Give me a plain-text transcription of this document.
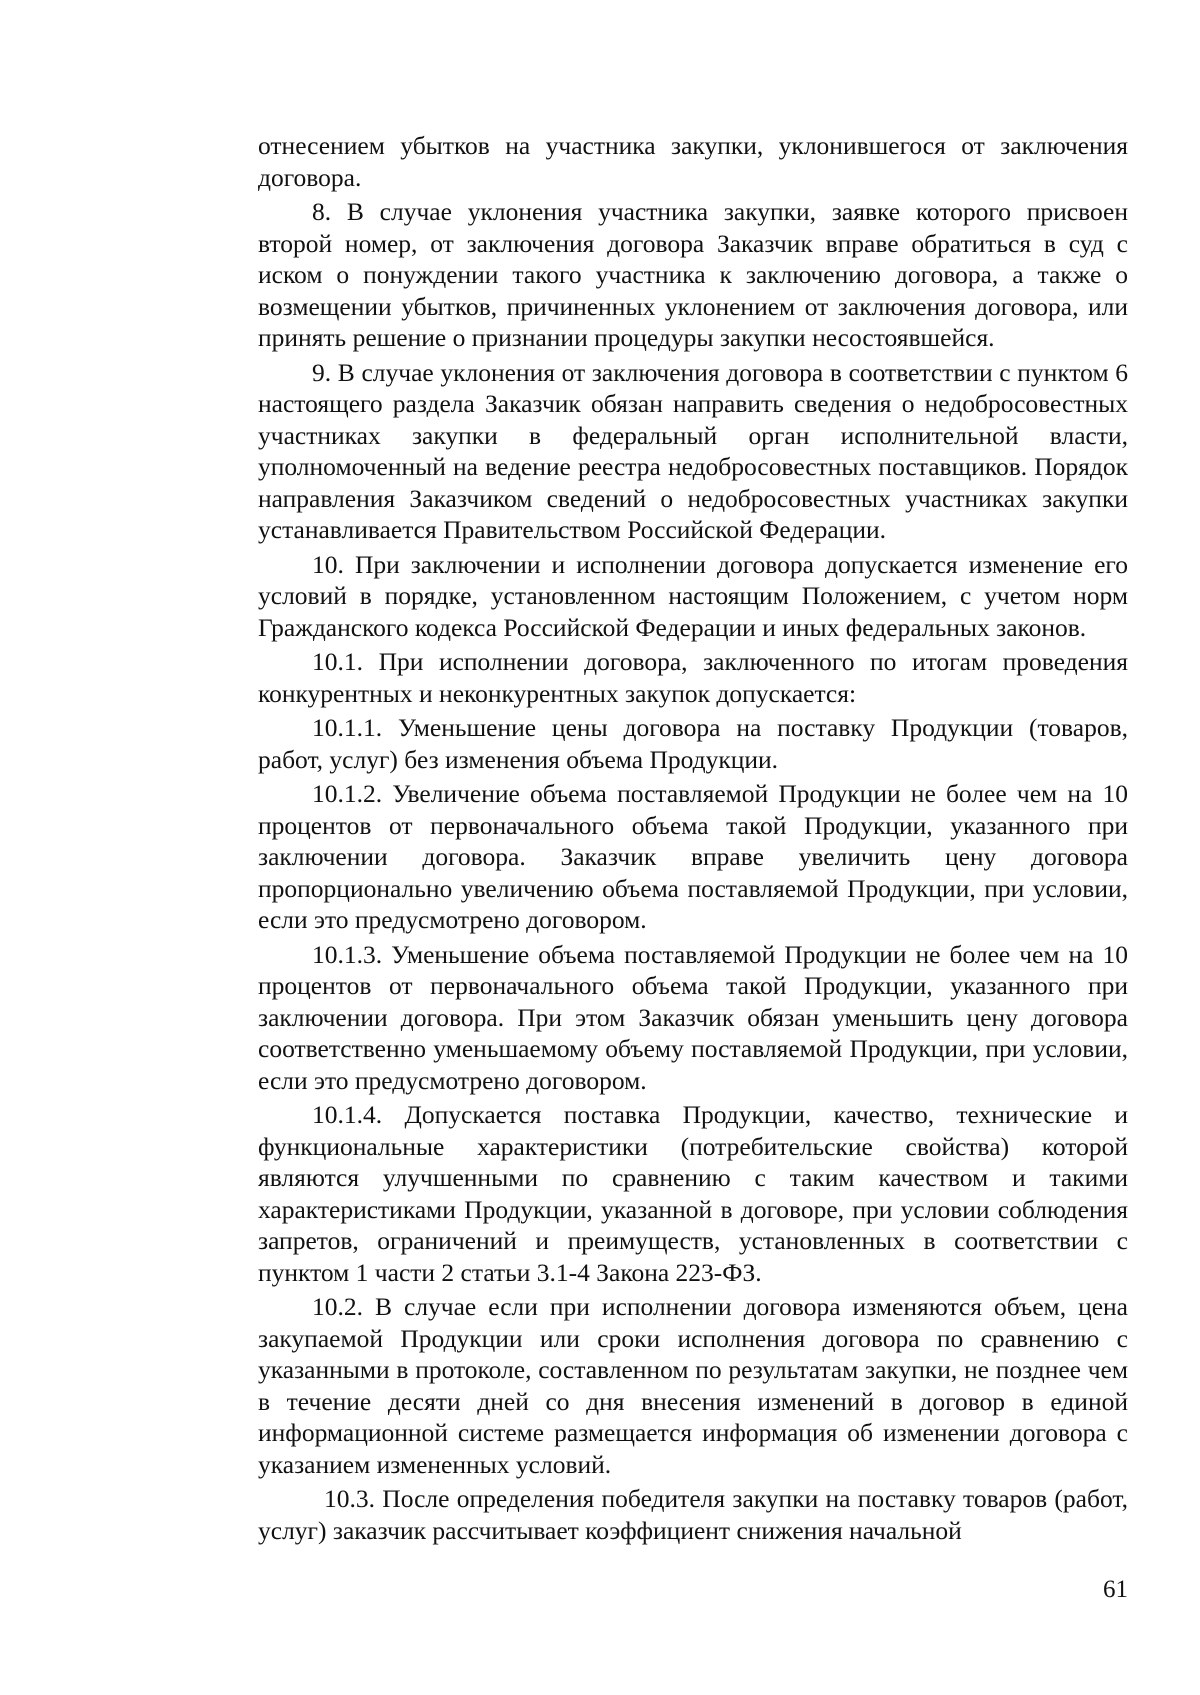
отнесением убытков на участника закупки, уклонившегося от заключения договора.

8. В случае уклонения участника закупки, заявке которого присвоен второй номер, от заключения договора Заказчик вправе обратиться в суд с иском о понуждении такого участника к заключению договора, а также о возмещении убытков, причиненных уклонением от заключения договора, или принять решение о признании процедуры закупки несостоявшейся.

9. В случае уклонения от заключения договора в соответствии с пунктом 6 настоящего раздела Заказчик обязан направить сведения о недобросовестных участниках закупки в федеральный орган исполнительной власти, уполномоченный на ведение реестра недобросовестных поставщиков. Порядок направления Заказчиком сведений о недобросовестных участниках закупки устанавливается Правительством Российской Федерации.

10. При заключении и исполнении договора допускается изменение его условий в порядке, установленном настоящим Положением, с учетом норм Гражданского кодекса Российской Федерации и иных федеральных законов.

10.1. При исполнении договора, заключенного по итогам проведения конкурентных и неконкурентных закупок допускается:

10.1.1. Уменьшение цены договора на поставку Продукции (товаров, работ, услуг) без изменения объема Продукции.

10.1.2. Увеличение объема поставляемой Продукции не более чем на 10 процентов от первоначального объема такой Продукции, указанного при заключении договора. Заказчик вправе увеличить цену договора пропорционально увеличению объема поставляемой Продукции, при условии, если это предусмотрено договором.

10.1.3. Уменьшение объема поставляемой Продукции не более чем на 10 процентов от первоначального объема такой Продукции, указанного при заключении договора. При этом Заказчик обязан уменьшить цену договора соответственно уменьшаемому объему поставляемой Продукции, при условии, если это предусмотрено договором.

10.1.4. Допускается поставка Продукции, качество, технические и функциональные характеристики (потребительские свойства) которой являются улучшенными по сравнению с таким качеством и такими характеристиками Продукции, указанной в договоре, при условии соблюдения запретов, ограничений и преимуществ, установленных в соответствии с пунктом 1 части 2 статьи 3.1-4 Закона 223-ФЗ.

10.2. В случае если при исполнении договора изменяются объем, цена закупаемой Продукции или сроки исполнения договора по сравнению с указанными в протоколе, составленном по результатам закупки, не позднее чем в течение десяти дней со дня внесения изменений в договор в единой информационной системе размещается информация об изменении договора с указанием измененных условий.

10.3. После определения победителя закупки на поставку товаров (работ, услуг) заказчик рассчитывает коэффициент снижения начальной

61
